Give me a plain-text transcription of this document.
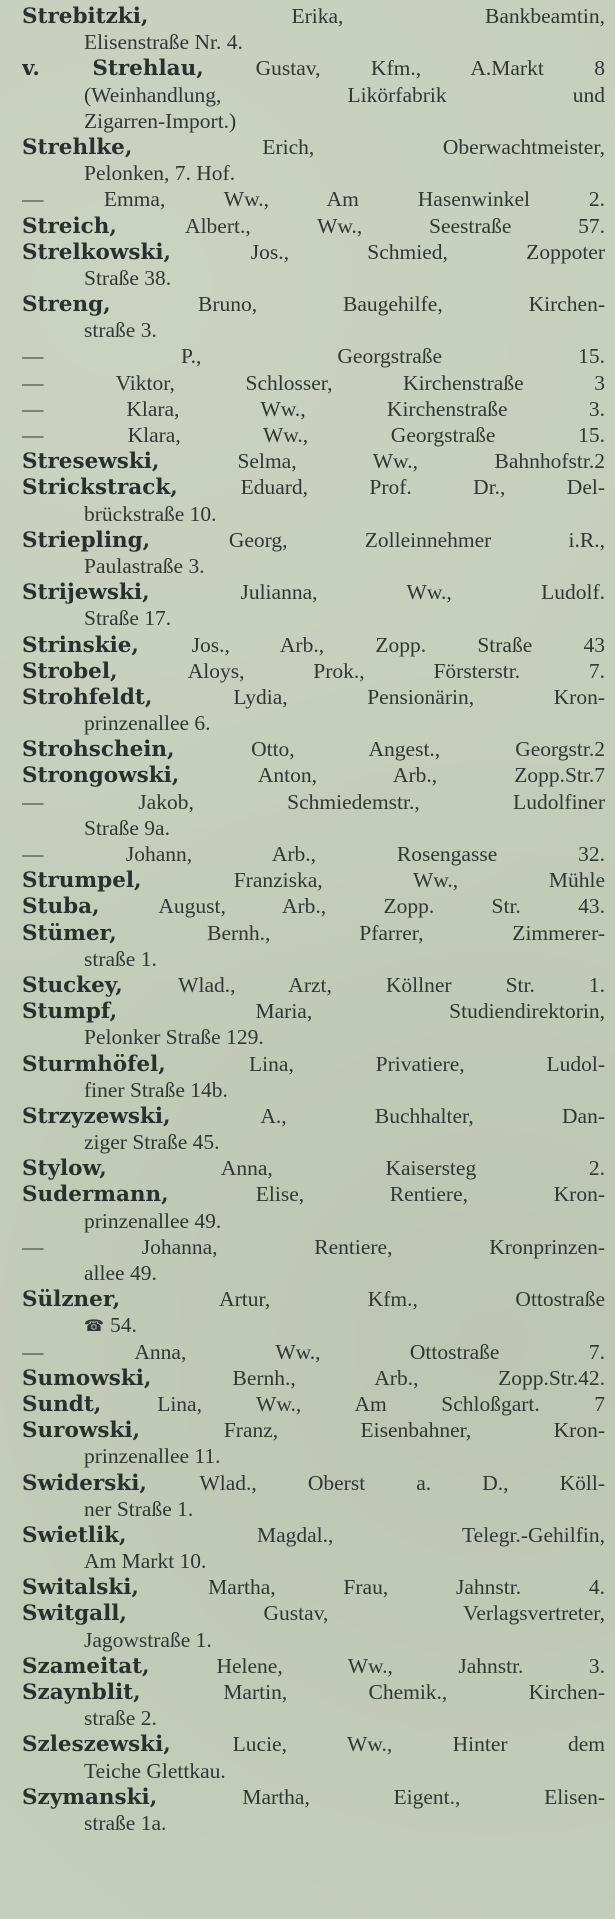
Strebitzki,	Erika, Bankbeamtin,
Elisenstraße Nr. 4.
v. Strehlau, Gustav, Kfm., A.Markt 8
(Weinhandlung, Likörfabrik und
Zigarren-Import.)
Strehlke,	Erich, Oberwachtmeister,
Pelonken, 7. Hof.
—	Emma, Ww., Am Hasenwinkel 2.
Streich,	Albert., Ww., Seestraße 57.
Strelkowski,	Jos., Schmied, Zoppoter
Straße 38.
Streng,	Bruno, Baugehilfe, Kirchen-
straße 3.
—	P., Georgstraße 15.
—	Viktor, Schlosser, Kirchenstraße 3
—	Klara, Ww., Kirchenstraße 3.
—	Klara, Ww., Georgstraße 15.
Stresewski,	Selma, Ww., Bahnhofstr.2
Strickstrack,	Eduard, Prof. Dr., Del-
brückstraße 10.
Striepling,	Georg, Zolleinnehmer i.R.,
Paulastraße 3.
Strijewski,	Julianna, Ww., Ludolf.
Straße 17.
Strinskie, Jos., Arb., Zopp. Straße 43
Strobel,	Aloys, Prok., Försterstr. 7.
Strohfeldt,	Lydia, Pensionärin, Kron-
prinzenallee 6.
Strohschein,	Otto, Angest., Georgstr.2
Strongowski,	Anton, Arb., Zopp.Str.7
—	Jakob, Schmiedemstr., Ludolfiner
Straße 9a.
—	Johann, Arb., Rosengasse 32.
Strumpel,	Franziska, Ww., Mühle
Stuba,	August, Arb., Zopp. Str. 43.
Stümer,	Bernh., Pfarrer, Zimmerer-
straße 1.
Stuckey,	Wlad., Arzt, Köllner Str. 1.
Stumpf,	Maria, Studiendirektorin,
Pelonker Straße 129.
Sturmhöfel,	Lina, Privatiere, Ludol-
finer Straße 14b.
Strzyzewski,	A., Buchhalter, Dan-
ziger Straße 45.
Stylow,	Anna, Kaisersteg 2.
Sudermann,	Elise, Rentiere, Kron-
prinzenallee 49.
—	Johanna, Rentiere, Kronprinzen-
allee 49.
Sülzner,	Artur, Kfm., Ottostraße
☎ 54.
—	Anna, Ww., Ottostraße 7.
Sumowski,	Bernh., Arb., Zopp.Str.42.
Sundt,	Lina, Ww., Am Schloßgart. 7
Surowski,	Franz, Eisenbahner, Kron-
prinzenallee 11.
Swiderski, Wlad., Oberst a. D., Köll-
ner Straße 1.
Swietlik,	Magdal., Telegr.-Gehilfin,
Am Markt 10.
Switalski,	Martha, Frau, Jahnstr. 4.
Switgall,	Gustav, Verlagsvertreter,
Jagowstraße 1.
Szameitat,	Helene, Ww., Jahnstr. 3.
Szaynblit,	Martin, Chemik., Kirchen-
straße 2.
Szleszewski,	Lucie, Ww., Hinter dem
Teiche Glettkau.
Szymanski,	Martha, Eigent., Elisen-
straße 1a.
